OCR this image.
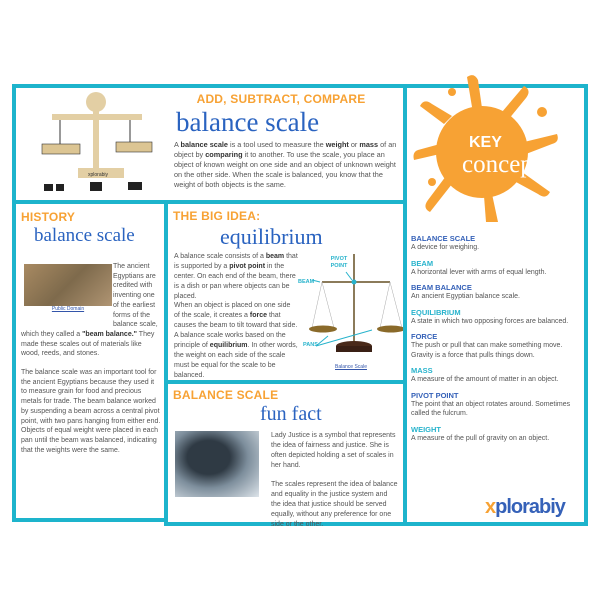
xplorabiy
ADD, SUBTRACT, COMPARE
balance scale
A balance scale is a tool used to measure the weight or mass of an object by comparing it to another. To use the scale, you place an object of known weight on one side and an object of unknown weight on the other side. When the scale is balanced, you know that the weight of both objects is the same.
HISTORY
balance scale
Public Domain
The ancient Egyptians are credited with inventing one of the earliest forms of the balance scale, which they called a "beam balance." They made these scales out of materials like wood, reeds, and stones.

The balance scale was an important tool for the ancient Egyptians because they used it to measure grain for food and precious metals for trade. The beam balance worked by suspending a beam across a central pivot point, with two pans hanging from either end. Objects of equal weight were placed in each pan until the beam was balanced, indicating that the weights were the same.

THE BIG IDEA:
equilibrium
A balance scale consists of a beam that is supported by a pivot point in the center. On each end of the beam, there is a dish or pan where objects can be placed.
When an object is placed on one side of the scale, it creates a force that causes the beam to tilt toward that side. A balance scale works based on the principle of equilibrium. In other words, the weight on each side of the scale must be equal for the scale to be balanced.
PIVOT POINT
BEAM
PANS
Balance Scale
BALANCE SCALE
fun fact

Lady Justice is a symbol that represents the idea of fairness and justice. She is often depicted holding a set of scales in her hand.

The scales represent the idea of balance and equality in the justice system and the idea that justice should be served equally, without any preference for one side or the other.

KEY
concepts
BALANCE SCALE
A device for weighing.
BEAM
A horizontal lever with arms of equal length.
BEAM BALANCE
An ancient Egyptian balance scale.
EQUILIBRIUM
A state in which two opposing forces are balanced.
FORCE
The push or pull that can make something move. Gravity is a force that pulls things down.
MASS
A measure of the amount of matter in an object.
PIVOT POINT
The point that an object rotates around. Sometimes called the fulcrum.
WEIGHT
A measure of the pull of gravity on an object.
xplorabiy
